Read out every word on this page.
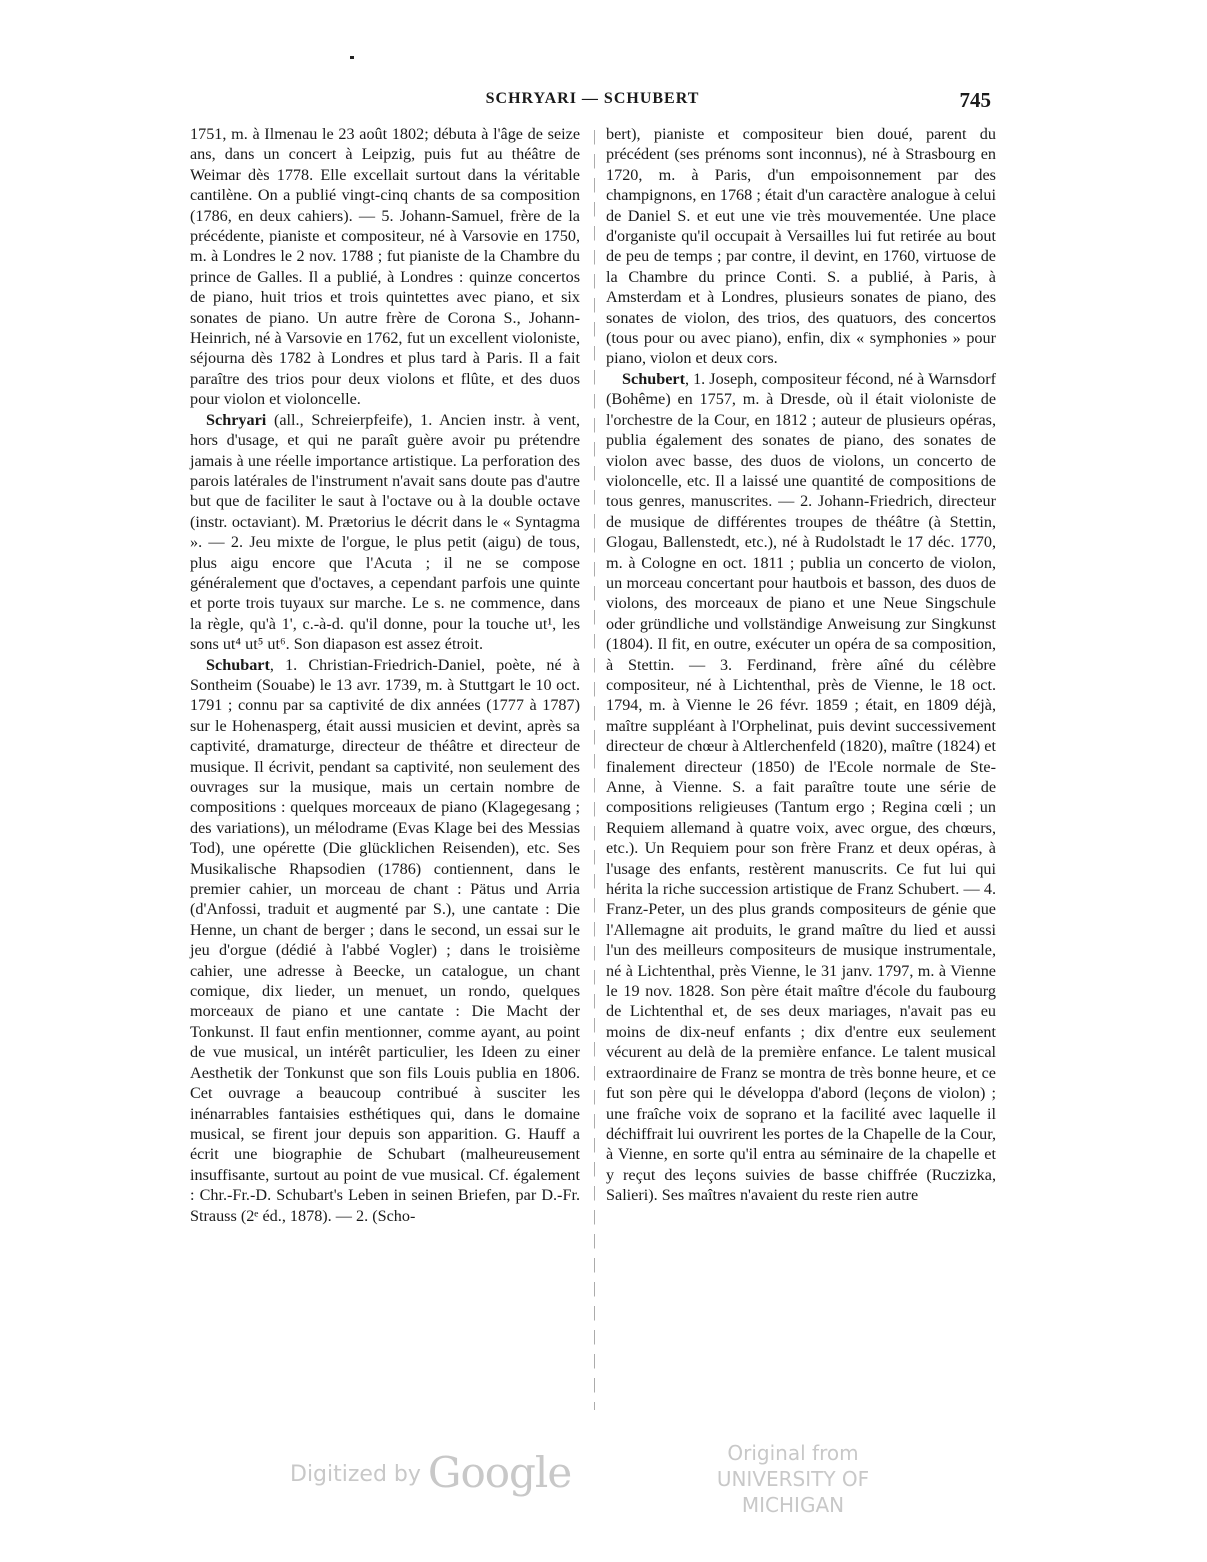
SCHRYARI — SCHUBERT	745

1751, m. à Ilmenau le 23 août 1802; débuta à l'âge de seize ans, dans un concert à Leipzig, puis fut au théâtre de Weimar dès 1778. Elle excellait surtout dans la véritable cantilène. On a publié vingt-cinq chants de sa composition (1786, en deux cahiers). — 5. Johann-Samuel, frère de la précédente, pianiste et compositeur, né à Varsovie en 1750, m. à Londres le 2 nov. 1788 ; fut pianiste de la Chambre du prince de Galles. Il a publié, à Londres : quinze concertos de piano, huit trios et trois quintettes avec piano, et six sonates de piano. Un autre frère de Corona S., Johann-Heinrich, né à Varsovie en 1762, fut un excellent violoniste, séjourna dès 1782 à Londres et plus tard à Paris. Il a fait paraître des trios pour deux violons et flûte, et des duos pour violon et violoncelle.

Schryari (all., Schreierpfeife), 1. Ancien instr. à vent, hors d'usage, et qui ne paraît guère avoir pu prétendre jamais à une réelle importance artistique. La perforation des parois latérales de l'instrument n'avait sans doute pas d'autre but que de faciliter le saut à l'octave ou à la double octave (instr. octaviant). M. Prætorius le décrit dans le « Syntagma ». — 2. Jeu mixte de l'orgue, le plus petit (aigu) de tous, plus aigu encore que l'Acuta ; il ne se compose généralement que d'octaves, a cependant parfois une quinte et porte trois tuyaux sur marche. Le s. ne commence, dans la règle, qu'à 1', c.-à-d. qu'il donne, pour la touche ut¹, les sons ut⁴ ut⁵ ut⁶. Son diapason est assez étroit.

Schubart, 1. Christian-Friedrich-Daniel, poète, né à Sontheim (Souabe) le 13 avr. 1739, m. à Stuttgart le 10 oct. 1791 ; connu par sa captivité de dix années (1777 à 1787) sur le Hohenasperg, était aussi musicien et devint, après sa captivité, dramaturge, directeur de théâtre et directeur de musique. Il écrivit, pendant sa captivité, non seulement des ouvrages sur la musique, mais un certain nombre de compositions : quelques morceaux de piano (Klagegesang ; des variations), un mélodrame (Evas Klage bei des Messias Tod), une opérette (Die glücklichen Reisenden), etc. Ses Musikalische Rhapsodien (1786) contiennent, dans le premier cahier, un morceau de chant : Pätus und Arria (d'Anfossi, traduit et augmenté par S.), une cantate : Die Henne, un chant de berger ; dans le second, un essai sur le jeu d'orgue (dédié à l'abbé Vogler) ; dans le troisième cahier, une adresse à Beecke, un catalogue, un chant comique, dix lieder, un menuet, un rondo, quelques morceaux de piano et une cantate : Die Macht der Tonkunst. Il faut enfin mentionner, comme ayant, au point de vue musical, un intérêt particulier, les Ideen zu einer Aesthetik der Tonkunst que son fils Louis publia en 1806. Cet ouvrage a beaucoup contribué à susciter les inénarrables fantaisies esthétiques qui, dans le domaine musical, se firent jour depuis son apparition. G. Hauff a écrit une biographie de Schubart (malheureusement insuffisante, surtout au point de vue musical. Cf. également : Chr.-Fr.-D. Schubart's Leben in seinen Briefen, par D.-Fr. Strauss (2ᵉ éd., 1878). — 2. (Scho-

bert), pianiste et compositeur bien doué, parent du précédent (ses prénoms sont inconnus), né à Strasbourg en 1720, m. à Paris, d'un empoisonnement par des champignons, en 1768 ; était d'un caractère analogue à celui de Daniel S. et eut une vie très mouvementée. Une place d'organiste qu'il occupait à Versailles lui fut retirée au bout de peu de temps ; par contre, il devint, en 1760, virtuose de la Chambre du prince Conti. S. a publié, à Paris, à Amsterdam et à Londres, plusieurs sonates de piano, des sonates de violon, des trios, des quatuors, des concertos (tous pour ou avec piano), enfin, dix « symphonies » pour piano, violon et deux cors.

Schubert, 1. Joseph, compositeur fécond, né à Warnsdorf (Bohême) en 1757, m. à Dresde, où il était violoniste de l'orchestre de la Cour, en 1812 ; auteur de plusieurs opéras, publia également des sonates de piano, des sonates de violon avec basse, des duos de violons, un concerto de violoncelle, etc. Il a laissé une quantité de compositions de tous genres, manuscrites. — 2. Johann-Friedrich, directeur de musique de différentes troupes de théâtre (à Stettin, Glogau, Ballenstedt, etc.), né à Rudolstadt le 17 déc. 1770, m. à Cologne en oct. 1811 ; publia un concerto de violon, un morceau concertant pour hautbois et basson, des duos de violons, des morceaux de piano et une Neue Singschule oder gründliche und vollständige Anweisung zur Singkunst (1804). Il fit, en outre, exécuter un opéra de sa composition, à Stettin. — 3. Ferdinand, frère aîné du célèbre compositeur, né à Lichtenthal, près de Vienne, le 18 oct. 1794, m. à Vienne le 26 févr. 1859 ; était, en 1809 déjà, maître suppléant à l'Orphelinat, puis devint successivement directeur de chœur à Altlerchenfeld (1820), maître (1824) et finalement directeur (1850) de l'Ecole normale de Ste-Anne, à Vienne. S. a fait paraître toute une série de compositions religieuses (Tantum ergo ; Regina cœli ; un Requiem allemand à quatre voix, avec orgue, des chœurs, etc.). Un Requiem pour son frère Franz et deux opéras, à l'usage des enfants, restèrent manuscrits. Ce fut lui qui hérita la riche succession artistique de Franz Schubert. — 4. Franz-Peter, un des plus grands compositeurs de génie que l'Allemagne ait produits, le grand maître du lied et aussi l'un des meilleurs compositeurs de musique instrumentale, né à Lichtenthal, près Vienne, le 31 janv. 1797, m. à Vienne le 19 nov. 1828. Son père était maître d'école du faubourg de Lichtenthal et, de ses deux mariages, n'avait pas eu moins de dix-neuf enfants ; dix d'entre eux seulement vécurent au delà de la première enfance. Le talent musical extraordinaire de Franz se montra de très bonne heure, et ce fut son père qui le développa d'abord (leçons de violon) ; une fraîche voix de soprano et la facilité avec laquelle il déchiffrait lui ouvrirent les portes de la Chapelle de la Cour, à Vienne, en sorte qu'il entra au séminaire de la chapelle et y reçut des leçons suivies de basse chiffrée (Ruczizka, Salieri). Ses maîtres n'avaient du reste rien autre

Digitized by Google	Original from
UNIVERSITY OF MICHIGAN
